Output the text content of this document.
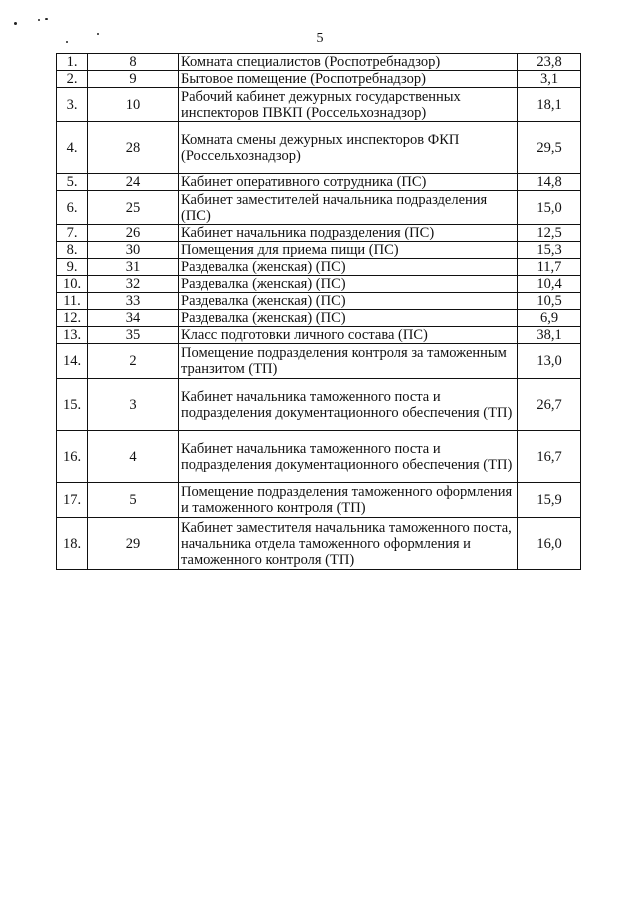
5
1.	8	Комната специалистов (Роспотребнадзор)	23,8
2.	9	Бытовое помещение (Роспотребнадзор)	3,1
3.	10	Рабочий кабинет дежурных государственных инспекторов ПВКП (Россельхознадзор)	18,1
4.	28	Комната смены дежурных инспекторов ФКП (Россельхознадзор)	29,5
5.	24	Кабинет оперативного сотрудника (ПС)	14,8
6.	25	Кабинет заместителей начальника подразделения (ПС)	15,0
7.	26	Кабинет начальника подразделения (ПС)	12,5
8.	30	Помещения для приема пищи (ПС)	15,3
9.	31	Раздевалка (женская) (ПС)	11,7
10.	32	Раздевалка (женская) (ПС)	10,4
11.	33	Раздевалка (женская) (ПС)	10,5
12.	34	Раздевалка (женская) (ПС)	6,9
13.	35	Класс подготовки личного состава (ПС)	38,1
14.	2	Помещение подразделения контроля за таможенным транзитом (ТП)	13,0
15.	3	Кабинет начальника таможенного поста и подразделения документационного обеспечения (ТП)	26,7
16.	4	Кабинет начальника таможенного поста и подразделения документационного обеспечения (ТП)	16,7
17.	5	Помещение подразделения таможенного оформления и таможенного контроля (ТП)	15,9
18.	29	Кабинет заместителя начальника таможенного поста, начальника отдела таможенного оформления и таможенного контроля (ТП)	16,0
